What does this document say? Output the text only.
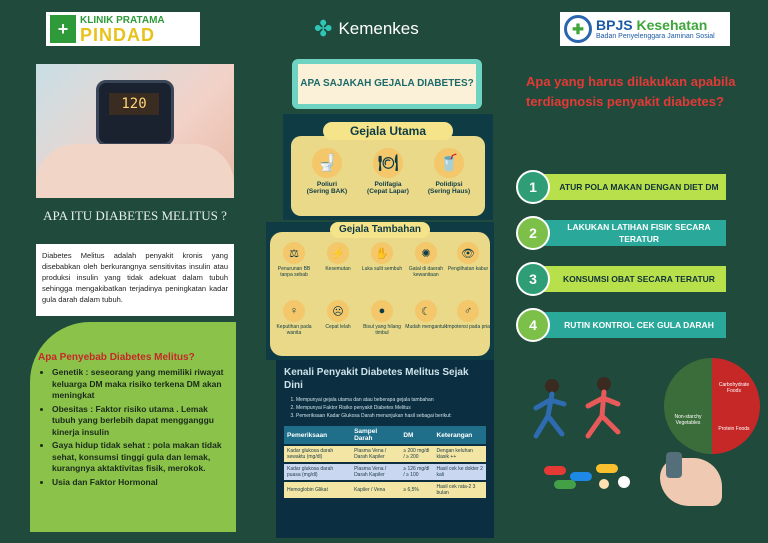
+	KLINIK PRATAMA
PINDAD	✤ Kemenkes	✚ BPJS Kesehatan
Badan Penyelenggara Jaminan Sosial
120
APA ITU DIABETES MELITUS ?
Diabetes Melitus adalah penyakit kronis yang disebabkan oleh berkurangnya sensitivitas insulin atau produksi insulin yang tidak adekuat dalam tubuh sehingga mengakibatkan terjadinya peningkatan kadar gula darah dalam tubuh.
Apa Penyebab Diabetes Melitus?
• Genetik : seseorang yang memiliki riwayat keluarga DM maka risiko terkena DM akan meningkat
• Obesitas : Faktor risiko utama . Lemak tubuh yang berlebih dapat mengganggu kinerja insulin
• Gaya hidup tidak sehat : pola makan tidak sehat, konsumsi tinggi gula dan lemak, kurangnya aktaktivitas fisik, merokok.
• Usia dan Faktor Hormonal
APA SAJAKAH GEJALA DIABETES?
🚽
Poliuri
(Sering BAK)
🍽
Polifagia
(Cepat Lapar)
🥤
Polidipsi
(Sering Haus)
Gejala Utama
⚖
Penurunan BB tanpa sebab
⚡
Kesemutan
✋
Luka sulit sembuh
✺
Gatal di daerah kewanitaan
👁
Penglihatan kabur
♀
Keputihan pada wanita
☹
Cepat lelah
●
Bisul yang hilang timbul
☾
Mudah mengantuk
♂
Impotensi pada pria
Gejala Tambahan
Kenali Penyakit Diabetes Melitus Sejak Dini
1. Mempunyai gejala utama dan atau beberapa gejala tambahan
2. Mempunyai Faktor Risiko penyakit Diabetes Melitus
3. Pemeriksaan Kadar Glukosa Darah menunjukan hasil sebagai berikut:
Pemeriksaan	Sampel Darah	DM	Keterangan
Kadar glukosa darah sewaktu (mg/dl)	Plasma Vena / Darah Kapiler	≥ 200 mg/dl / ≥ 200	Dengan keluhan klasik ++
Kadar glukosa darah puasa (mg/dl)	Plasma Vena / Darah Kapiler	≥ 126 mg/dl / ≥ 100	Hasil cek ke dokter 2 kali
Hemoglobin Glikat	Kapiler / Vena	≥ 6,5%	Hasil cek rata-2 3 bulan
Apa yang harus dilakukan apabila terdiagnosis penyakit diabetes?
ATUR POLA MAKAN DENGAN DIET DM
1
LAKUKAN LATIHAN FISIK SECARA TERATUR
2
KONSUMSI OBAT SECARA TERATUR
3
RUTIN KONTROL CEK GULA DARAH
4
Carbohydrate Foods
Protein Foods
Non-starchy Vegetables
